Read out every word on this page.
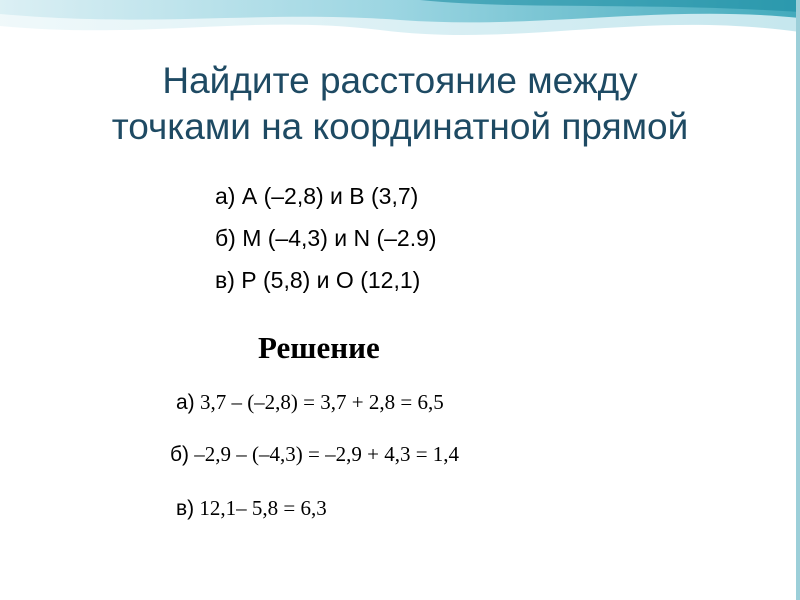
Найдите расстояние между
точками на координатной прямой
а) А (–2,8) и В (3,7)
б) М (–4,3) и N (–2.9)
в) Р (5,8) и О (12,1)
Решение
а) 3,7 – (–2,8) = 3,7 + 2,8 = 6,5
б) –2,9 – (–4,3) = –2,9 + 4,3 = 1,4
в) 12,1– 5,8 = 6,3
